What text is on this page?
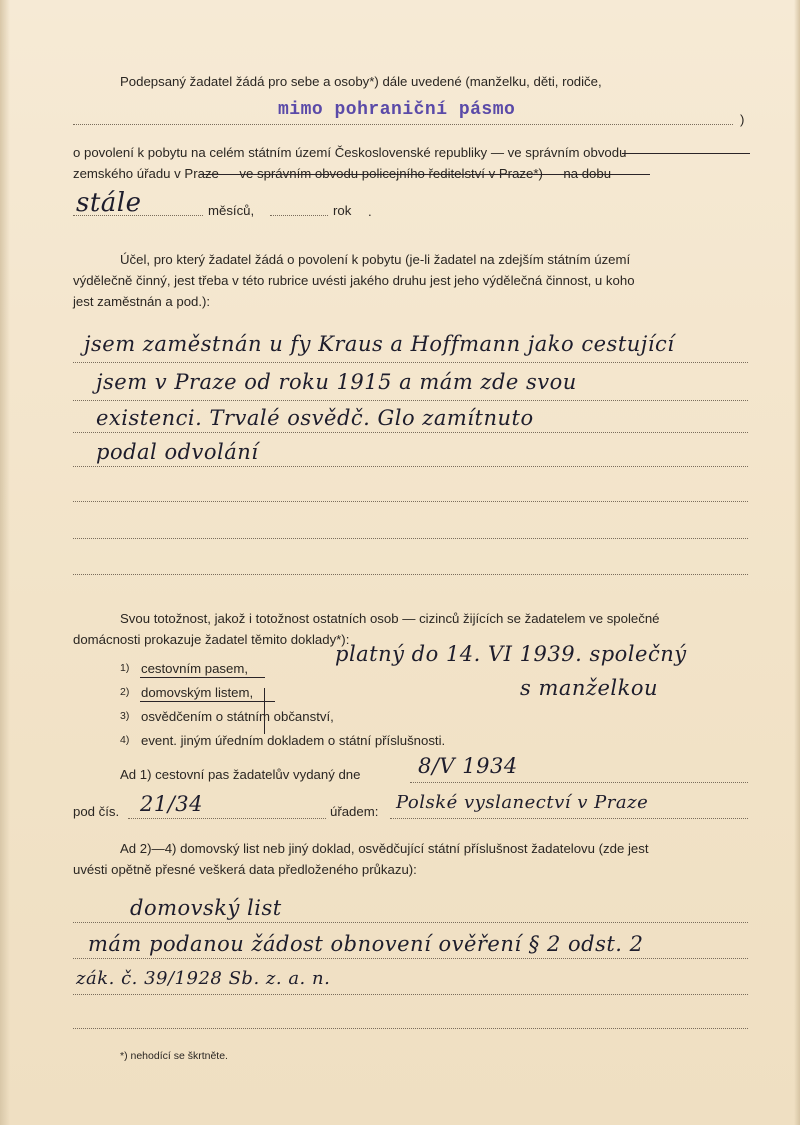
Podepsaný žadatel žádá pro sebe a osoby*) dále uvedené (manželku, děti, rodiče,
mimo pohraniční pásmo	)
o povolení k pobytu na celém státním území Československé republiky — ve správním obvodu
zemského úřadu v Praze — ve správním obvodu policejního ředitelství v Praze*) — na dobu
stále	měsíců,	rok .
Účel, pro který žadatel žádá o povolení k pobytu (je-li žadatel na zdejším státním území
výdělečně činný, jest třeba v této rubrice uvésti jakého druhu jest jeho výdělečná činnost, u koho
jest zaměstnán a pod.):
jsem zaměstnán u fy Kraus a Hoffmann jako cestující
jsem v Praze od roku 1915 a mám zde svou
existenci. Trvalé osvědč. Glo zamítnuto
podal odvolání
Svou totožnost, jakož i totožnost ostatních osob — cizinců žijících se žadatelem ve společné
domácnosti prokazuje žadatel těmito doklady*):
1) cestovním pasem,
2) domovským listem,
3) osvědčením o státním občanství,
4) event. jiným úředním dokladem o státní příslušnosti.
platný do 14. VI 1939. společný
s manželkou
Ad 1) cestovní pas žadatelův vydaný dne	8/V 1934
pod čís. 21/34	úřadem: Polské vyslanectví v Praze
Ad 2)—4) domovský list neb jiný doklad, osvědčující státní příslušnost žadatelovu (zde jest
uvésti opětně přesné veškerá data předloženého průkazu):
domovský list
mám podanou žádost obnovení ověření § 2 odst. 2
zák. č. 39/1928 Sb. z. a. n.
*) nehodící se škrtněte.
